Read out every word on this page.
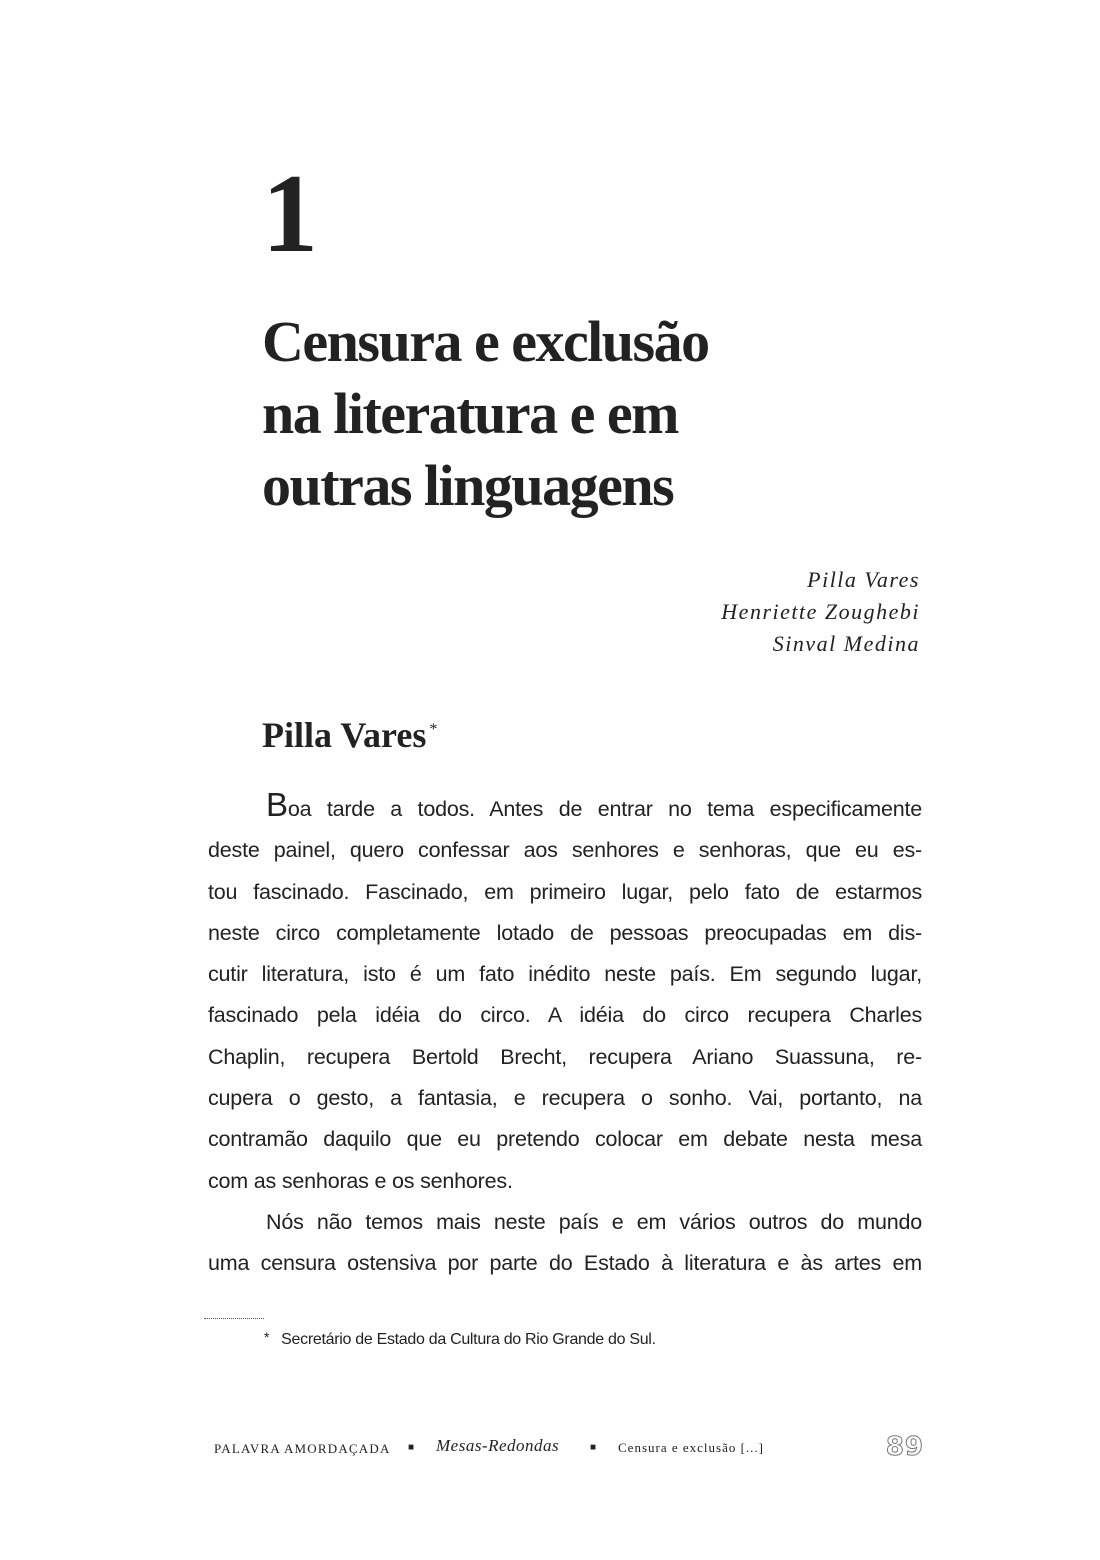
1
Censura e exclusão
na literatura e em
outras linguagens
Pilla Vares
Henriette Zoughebi
Sinval Medina
Pilla Vares *
Boa tarde a todos. Antes de entrar no tema especificamente
deste painel, quero confessar aos senhores e senhoras, que eu es-
tou fascinado. Fascinado, em primeiro lugar, pelo fato de estarmos
neste circo completamente lotado de pessoas preocupadas em dis-
cutir literatura, isto é um fato inédito neste país. Em segundo lugar,
fascinado pela idéia do circo. A idéia do circo recupera Charles
Chaplin, recupera Bertold Brecht, recupera Ariano Suassuna, re-
cupera o gesto, a fantasia, e recupera o sonho. Vai, portanto, na
contramão daquilo que eu pretendo colocar em debate nesta mesa
com as senhoras e os senhores.
Nós não temos mais neste país e em vários outros do mundo
uma censura ostensiva por parte do Estado à literatura e às artes em
* Secretário de Estado da Cultura do Rio Grande do Sul.
PALAVRA AMORDAÇADA ■ Mesas-Redondas	■ Censura e exclusão [...]	89
